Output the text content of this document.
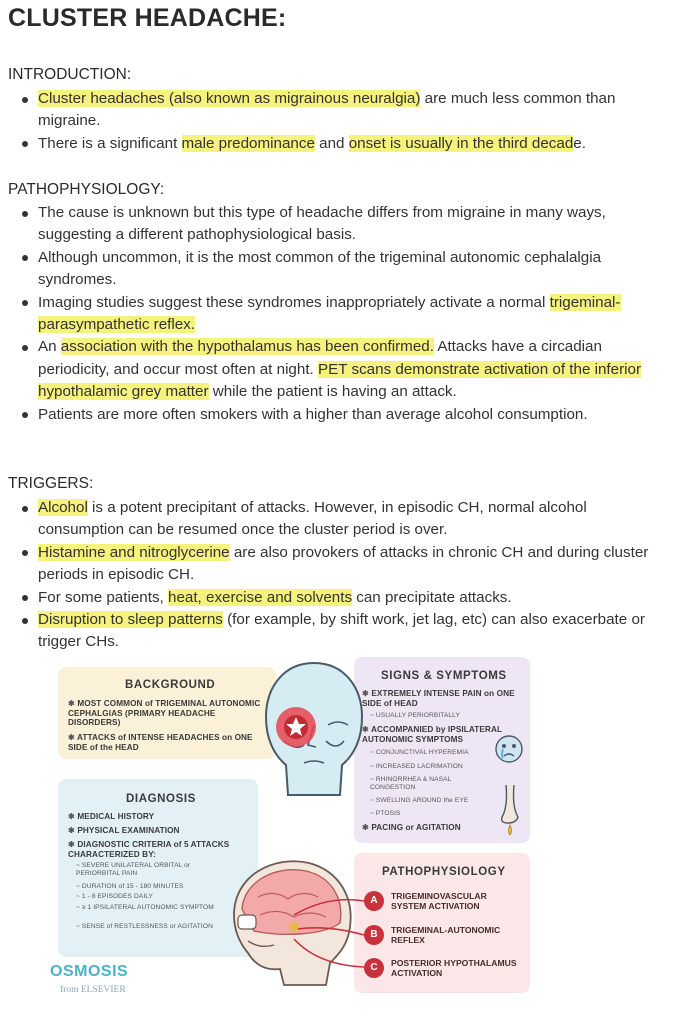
CLUSTER HEADACHE:
INTRODUCTION:
Cluster headaches (also known as migrainous neuralgia) are much less common than migraine.
There is a significant male predominance and onset is usually in the third decade.
PATHOPHYSIOLOGY:
The cause is unknown but this type of headache differs from migraine in many ways, suggesting a different pathophysiological basis.
Although uncommon, it is the most common of the trigeminal autonomic cephalalgia syndromes.
Imaging studies suggest these syndromes inappropriately activate a normal trigeminal-parasympathetic reflex.
An association with the hypothalamus has been confirmed. Attacks have a circadian periodicity, and occur most often at night. PET scans demonstrate activation of the inferior hypothalamic grey matter while the patient is having an attack.
Patients are more often smokers with a higher than average alcohol consumption.
TRIGGERS:
Alcohol is a potent precipitant of attacks. However, in episodic CH, normal alcohol consumption can be resumed once the cluster period is over.
Histamine and nitroglycerine are also provokers of attacks in chronic CH and during cluster periods in episodic CH.
For some patients, heat, exercise and solvents can precipitate attacks.
Disruption to sleep patterns (for example, by shift work, jet lag, etc) can also exacerbate or trigger CHs.
BACKGROUND
✱ MOST COMMON of TRIGEMINAL AUTONOMIC CEPHALGIAS (PRIMARY HEADACHE DISORDERS)
✱ ATTACKS of INTENSE HEADACHES on ONE SIDE of the HEAD
DIAGNOSIS
✱ MEDICAL HISTORY
✱ PHYSICAL EXAMINATION
✱ DIAGNOSTIC CRITERIA of 5 ATTACKS CHARACTERIZED BY:
~ SEVERE UNILATERAL ORBITAL or PERIORBITAL PAIN
~ DURATION of 15 - 180 MINUTES
~ 1 - 8 EPISODES DAILY
~ ≥ 1 IPSILATERAL AUTONOMIC SYMPTOM
~ SENSE of RESTLESSNESS or AGITATION
SIGNS & SYMPTOMS
✱ EXTREMELY INTENSE PAIN on ONE SIDE of HEAD
~ USUALLY PERIORBITALLY
✱ ACCOMPANIED by IPSILATERAL AUTONOMIC SYMPTOMS
~ CONJUNCTIVAL HYPEREMIA
~ INCREASED LACRIMATION
~ RHINORRHEA & NASAL CONGESTION
~ SWELLING AROUND the EYE
~ PTOSIS
✱ PACING or AGITATION
PATHOPHYSIOLOGY
A	TRIGEMINOVASCULAR SYSTEM ACTIVATION
B	TRIGEMINAL-AUTONOMIC REFLEX
C	POSTERIOR HYPOTHALAMUS ACTIVATION
OSMOSIS
from ELSEVIER
